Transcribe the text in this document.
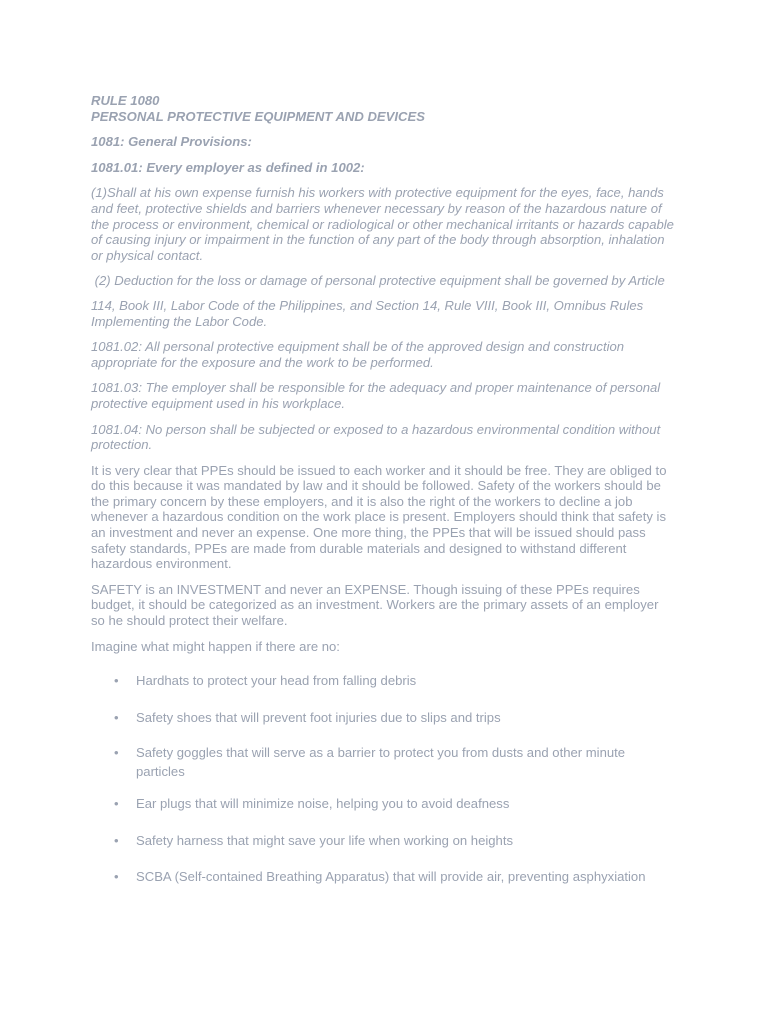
RULE 1080

PERSONAL PROTECTIVE EQUIPMENT AND DEVICES

1081: General Provisions:

1081.01: Every employer as defined in 1002:

(1)Shall at his own expense furnish his workers with protective equipment for the eyes, face, hands and feet, protective shields and barriers whenever necessary by reason of the hazardous nature of the process or environment, chemical or radiological or other mechanical irritants or hazards capable of causing injury or impairment in the function of any part of the body through absorption, inhalation or physical contact.

(2) Deduction for the loss or damage of personal protective equipment shall be governed by Article

114, Book III, Labor Code of the Philippines, and Section 14, Rule VIII, Book III, Omnibus Rules Implementing the Labor Code.

1081.02: All personal protective equipment shall be of the approved design and construction appropriate for the exposure and the work to be performed.

1081.03: The employer shall be responsible for the adequacy and proper maintenance of personal protective equipment used in his workplace.

1081.04: No person shall be subjected or exposed to a hazardous environmental condition without protection.

It is very clear that PPEs should be issued to each worker and it should be free. They are obliged to do this because it was mandated by law and it should be followed. Safety of the workers should be the primary concern by these employers, and it is also the right of the workers to decline a job whenever a hazardous condition on the work place is present. Employers should think that safety is an investment and never an expense. One more thing, the PPEs that will be issued should pass safety standards, PPEs are made from durable materials and designed to withstand different hazardous environment.

SAFETY is an INVESTMENT and never an EXPENSE. Though issuing of these PPEs requires budget, it should be categorized as an investment. Workers are the primary assets of an employer so he should protect their welfare.

Imagine what might happen if there are no:

• Hardhats to protect your head from falling debris
• Safety shoes that will prevent foot injuries due to slips and trips
• Safety goggles that will serve as a barrier to protect you from dusts and other minute particles
• Ear plugs that will minimize noise, helping you to avoid deafness
• Safety harness that might save your life when working on heights
• SCBA (Self-contained Breathing Apparatus) that will provide air, preventing asphyxiation
